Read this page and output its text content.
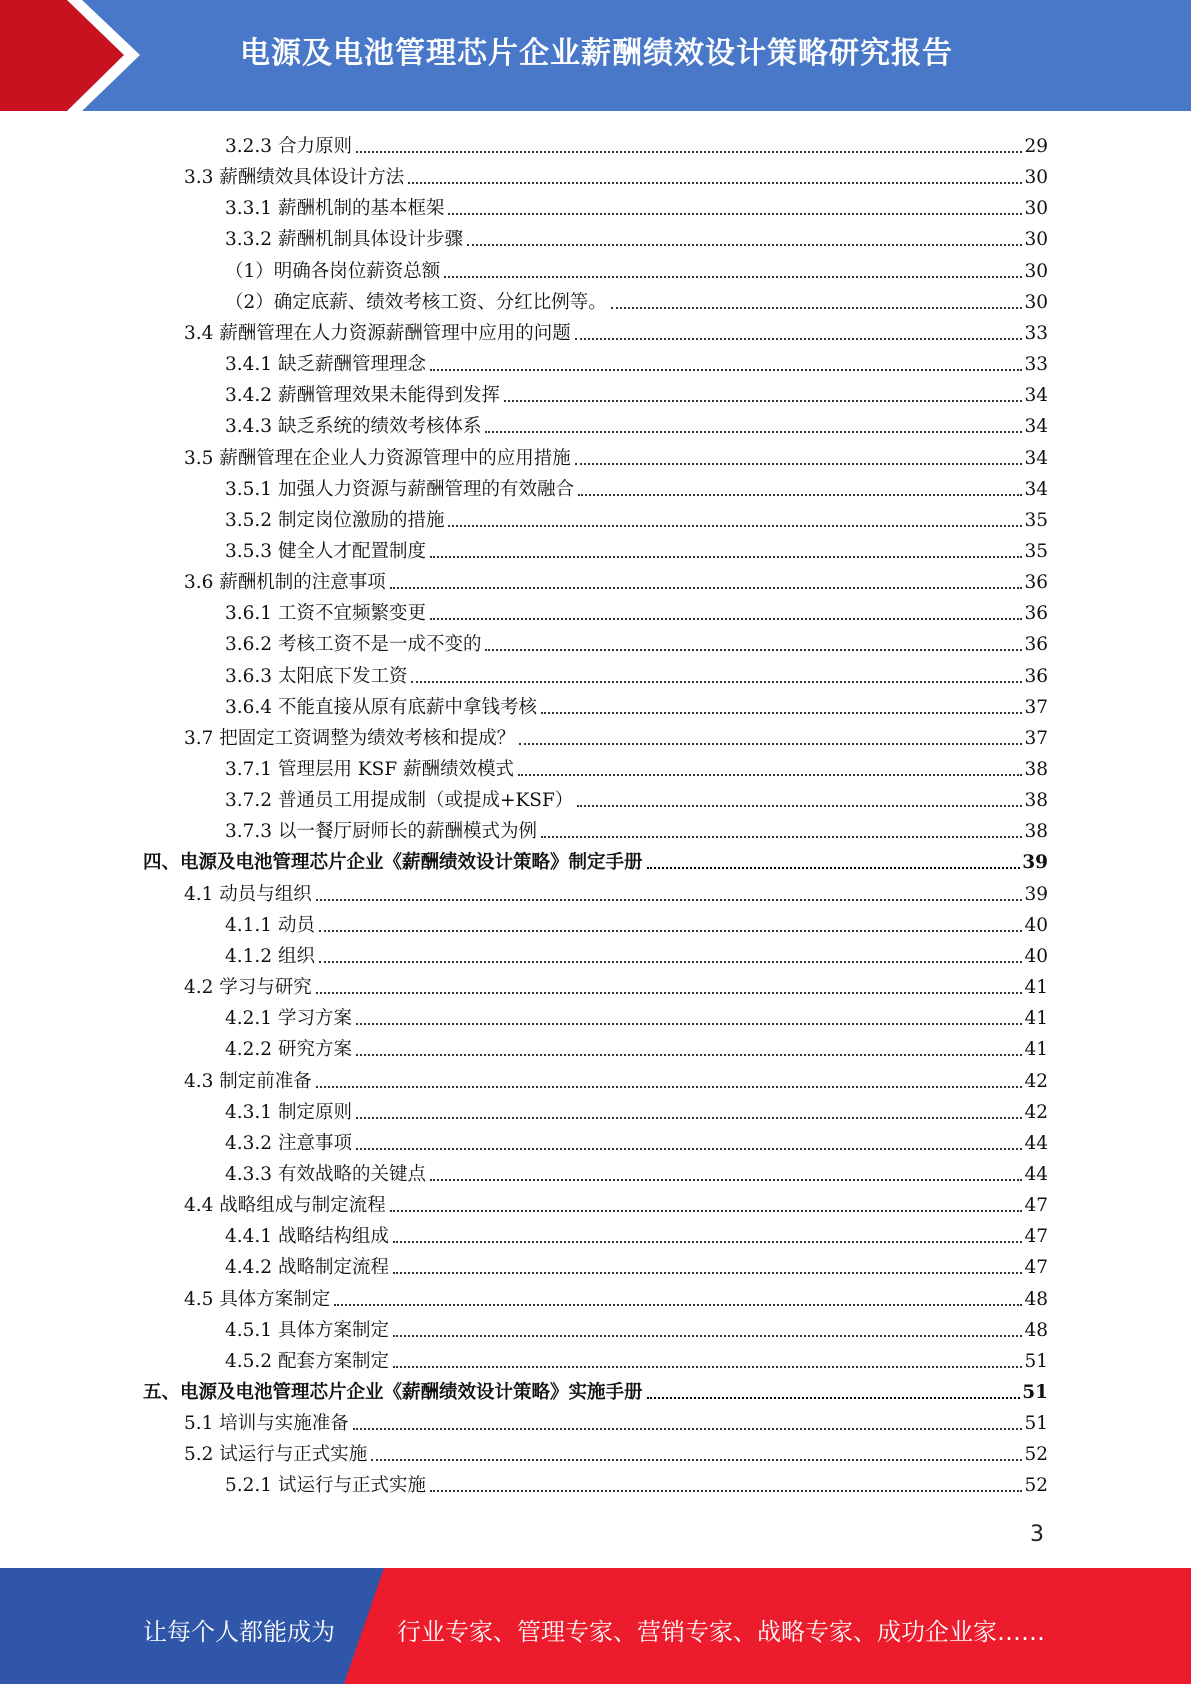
电源及电池管理芯片企业薪酬绩效设计策略研究报告
3.2.3 合力原则	29
3.3 薪酬绩效具体设计方法	30
3.3.1 薪酬机制的基本框架	30
3.3.2 薪酬机制具体设计步骤	30
（1）明确各岗位薪资总额	30
（2）确定底薪、绩效考核工资、分红比例等。	30
3.4 薪酬管理在人力资源薪酬管理中应用的问题	33
3.4.1 缺乏薪酬管理理念	33
3.4.2 薪酬管理效果未能得到发挥	34
3.4.3 缺乏系统的绩效考核体系	34
3.5 薪酬管理在企业人力资源管理中的应用措施	34
3.5.1 加强人力资源与薪酬管理的有效融合	34
3.5.2 制定岗位激励的措施	35
3.5.3 健全人才配置制度	35
3.6 薪酬机制的注意事项	36
3.6.1 工资不宜频繁变更	36
3.6.2 考核工资不是一成不变的	36
3.6.3 太阳底下发工资	36
3.6.4 不能直接从原有底薪中拿钱考核	37
3.7 把固定工资调整为绩效考核和提成？	37
3.7.1 管理层用 KSF 薪酬绩效模式	38
3.7.2 普通员工用提成制（或提成+KSF）	38
3.7.3 以一餐厅厨师长的薪酬模式为例	38
四、电源及电池管理芯片企业《薪酬绩效设计策略》制定手册	39
4.1 动员与组织	39
4.1.1 动员	40
4.1.2 组织	40
4.2 学习与研究	41
4.2.1 学习方案	41
4.2.2 研究方案	41
4.3 制定前准备	42
4.3.1 制定原则	42
4.3.2 注意事项	44
4.3.3 有效战略的关键点	44
4.4 战略组成与制定流程	47
4.4.1 战略结构组成	47
4.4.2 战略制定流程	47
4.5 具体方案制定	48
4.5.1 具体方案制定	48
4.5.2 配套方案制定	51
五、电源及电池管理芯片企业《薪酬绩效设计策略》实施手册	51
5.1 培训与实施准备	51
5.2 试运行与正式实施	52
5.2.1 试运行与正式实施	52
3
让每个人都能成为	行业专家、管理专家、营销专家、战略专家、成功企业家……
